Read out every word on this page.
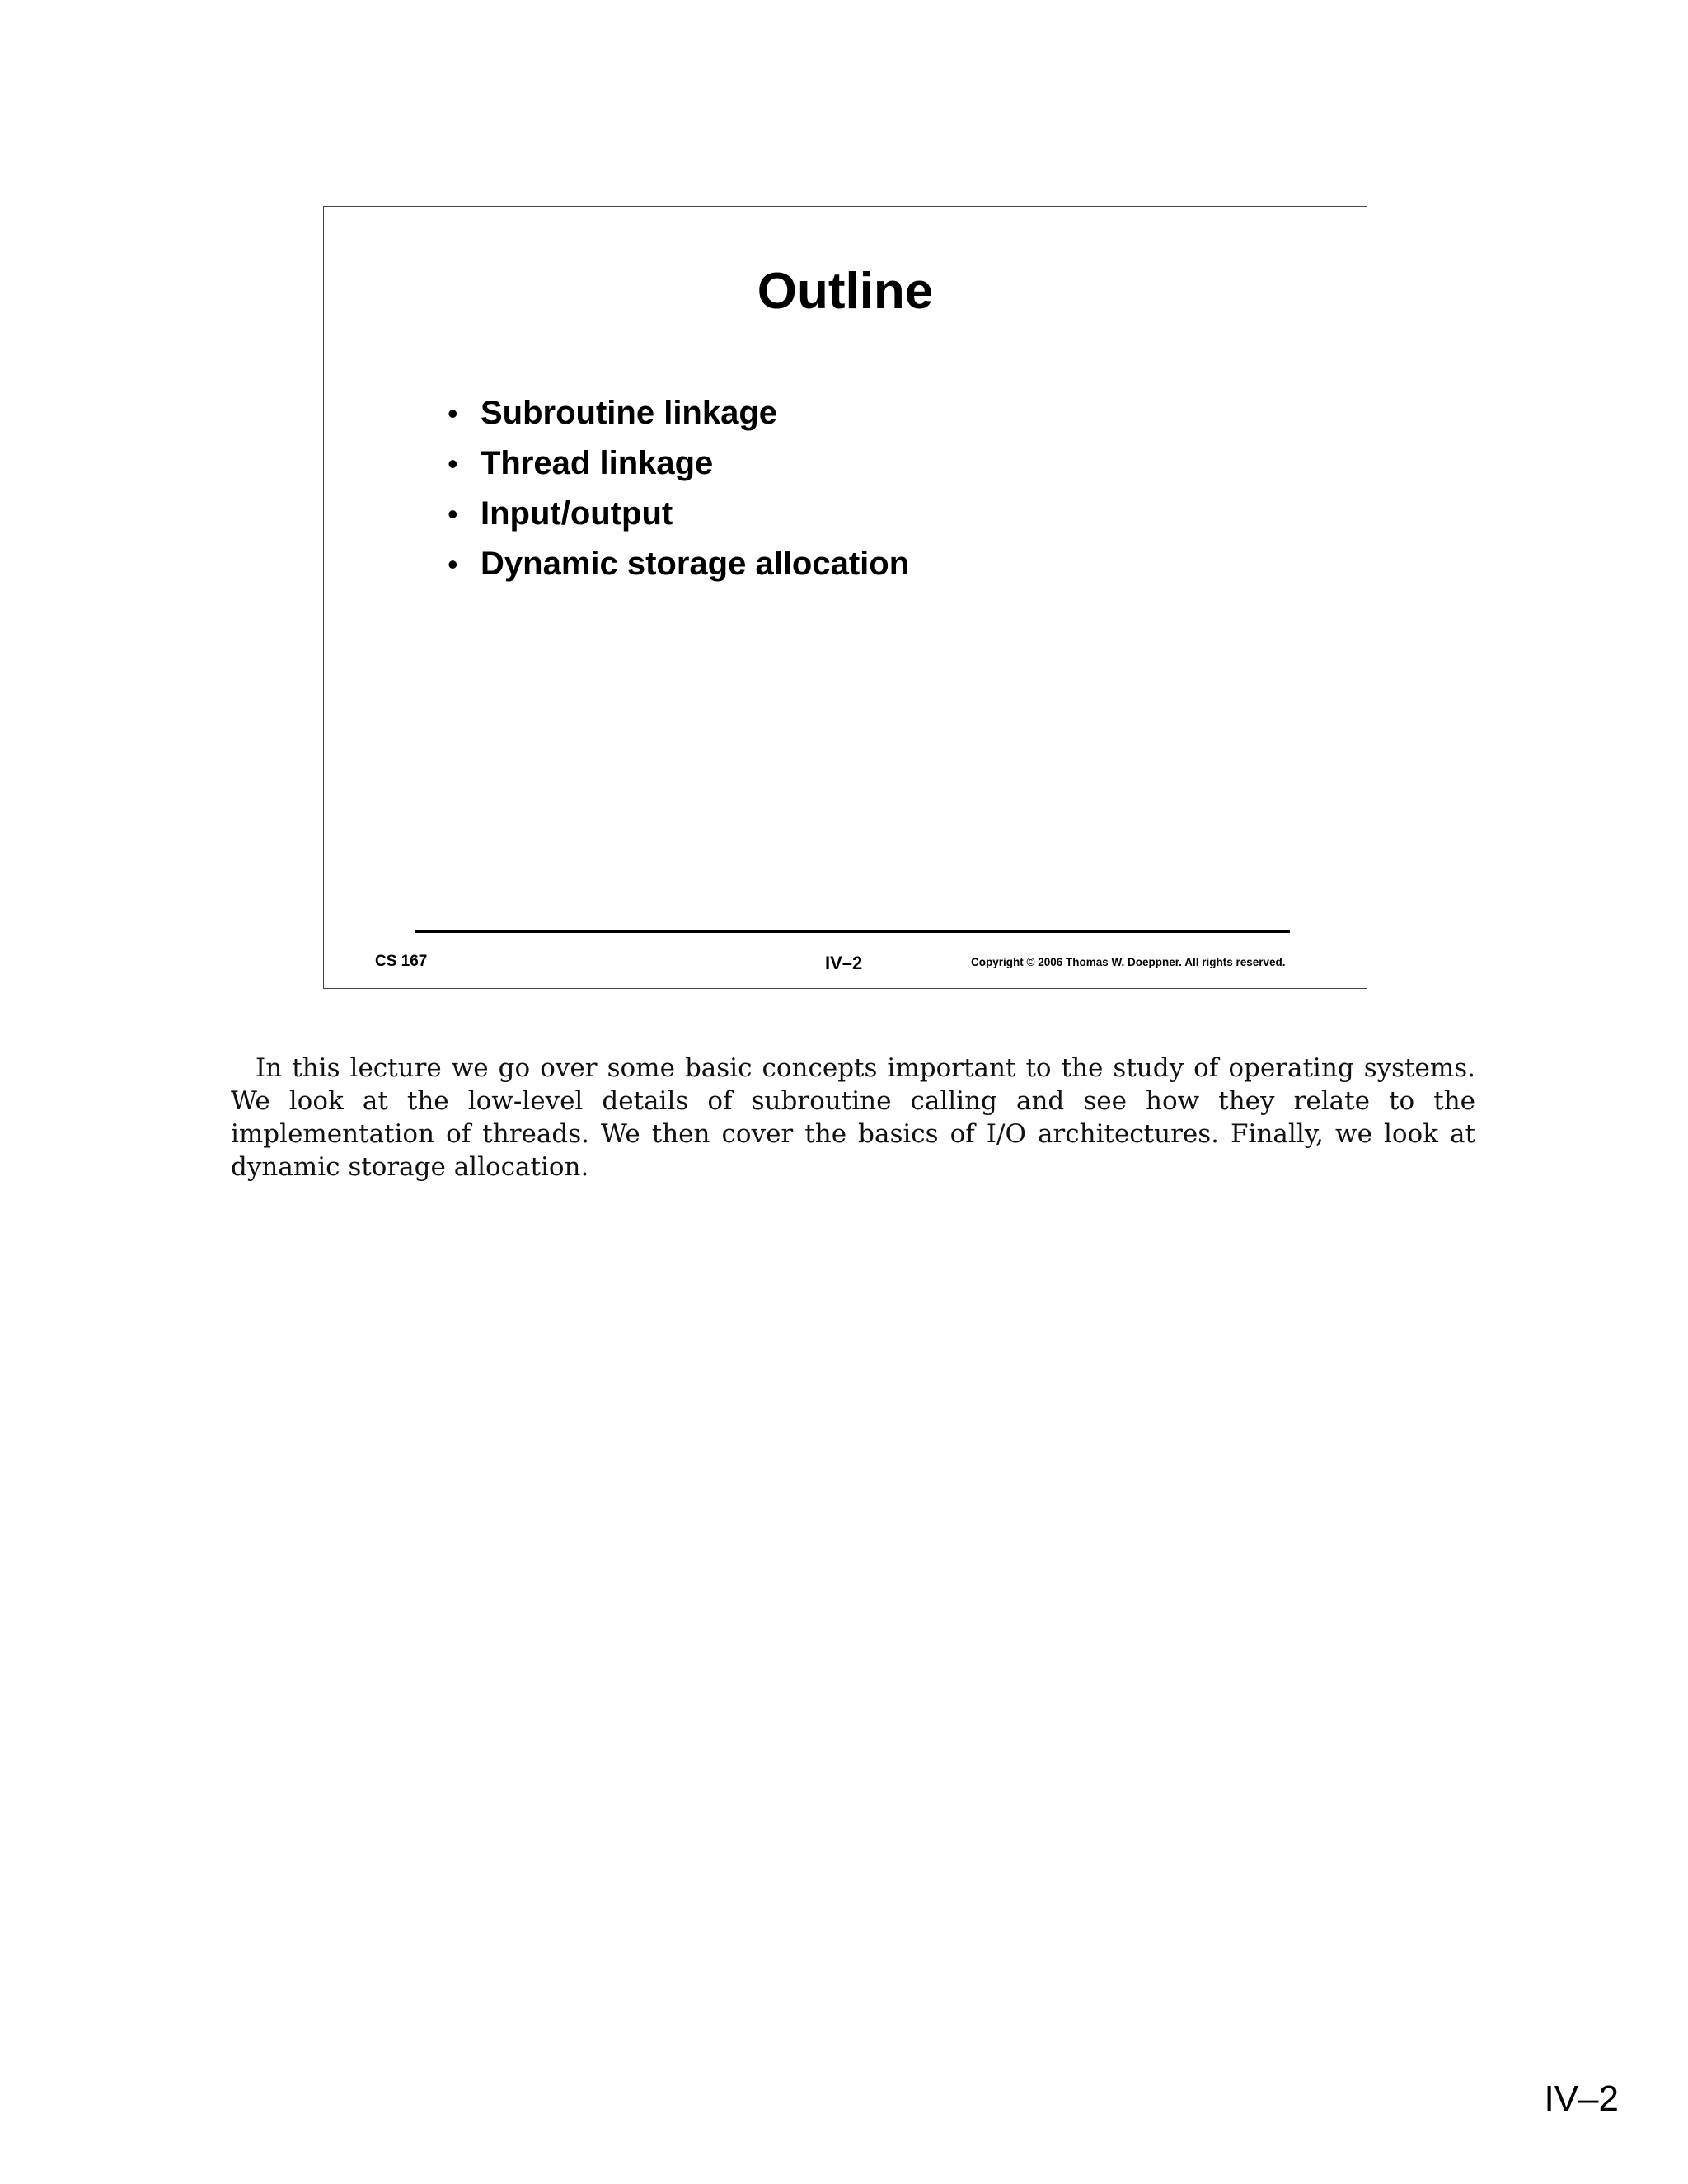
Outline
• Subroutine linkage
• Thread linkage
• Input/output
• Dynamic storage allocation
CS 167	IV–2	Copyright © 2006 Thomas W. Doeppner. All rights reserved.

In this lecture we go over some basic concepts important to the study of operating systems. We look at the low-level details of subroutine calling and see how they relate to the implementation of threads. We then cover the basics of I/O architectures. Finally, we look at dynamic storage allocation.

IV–2
